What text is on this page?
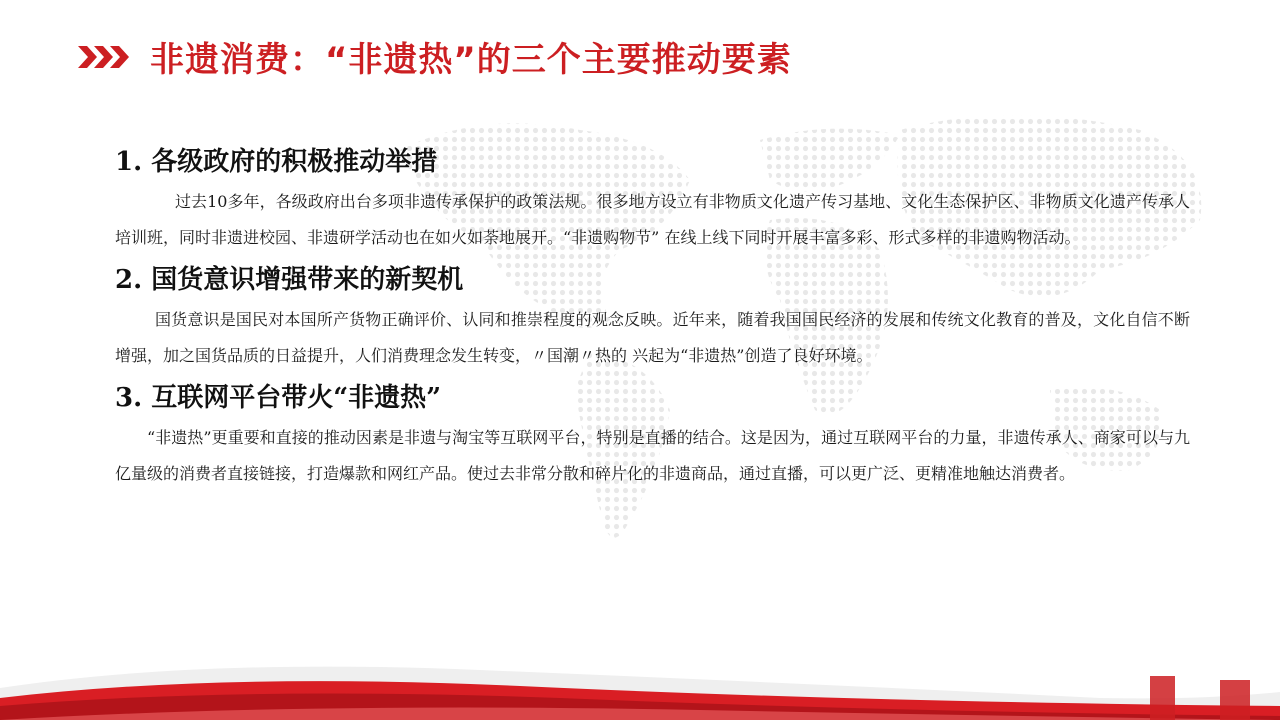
非遗消费：“非遗热”的三个主要推动要素
1. 各级政府的积极推动举措

过去10多年，各级政府出台多项非遗传承保护的政策法规。很多地方设立有非物质文化遗产传习基地、文化生态保护区、非物质文化遗产传承人培训班，同时非遗进校园、非遗研学活动也在如火如荼地展开。“非遗购物节” 在线上线下同时开展丰富多彩、形式多样的非遗购物活动。

2. 国货意识增强带来的新契机

国货意识是国民对本国所产货物正确评价、认同和推崇程度的观念反映。近年来，随着我国国民经济的发展和传统文化教育的普及，文化自信不断增强，加之国货品质的日益提升，人们消费理念发生转变，〃国潮〃热的 兴起为“非遗热”创造了良好环境。

3. 互联网平台带火“非遗热”

“非遗热”更重要和直接的推动因素是非遗与淘宝等互联网平台，特别是直播的结合。这是因为，通过互联网平台的力量，非遗传承人、商家可以与九亿量级的消费者直接链接，打造爆款和网红产品。使过去非常分散和碎片化的非遗商品，通过直播，可以更广泛、更精准地触达消费者。
